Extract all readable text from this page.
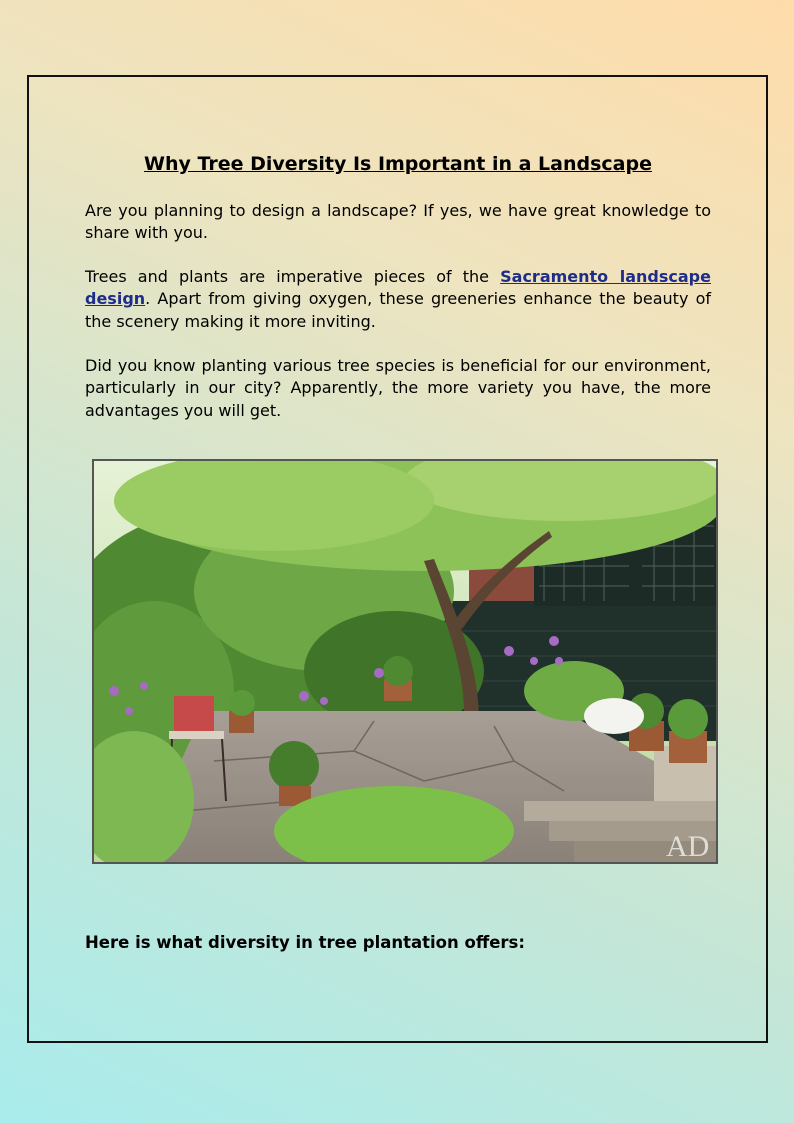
Why Tree Diversity Is Important in a Landscape

Are you planning to design a landscape? If yes, we have great knowledge to share with you.

Trees and plants are imperative pieces of the Sacramento landscape design. Apart from giving oxygen, these greeneries enhance the beauty of the scenery making it more inviting.

Did you know planting various tree species is beneficial for our environment, particularly in our city? Apparently, the more variety you have, the more advantages you will get.

AD
Here is what diversity in tree plantation offers:
